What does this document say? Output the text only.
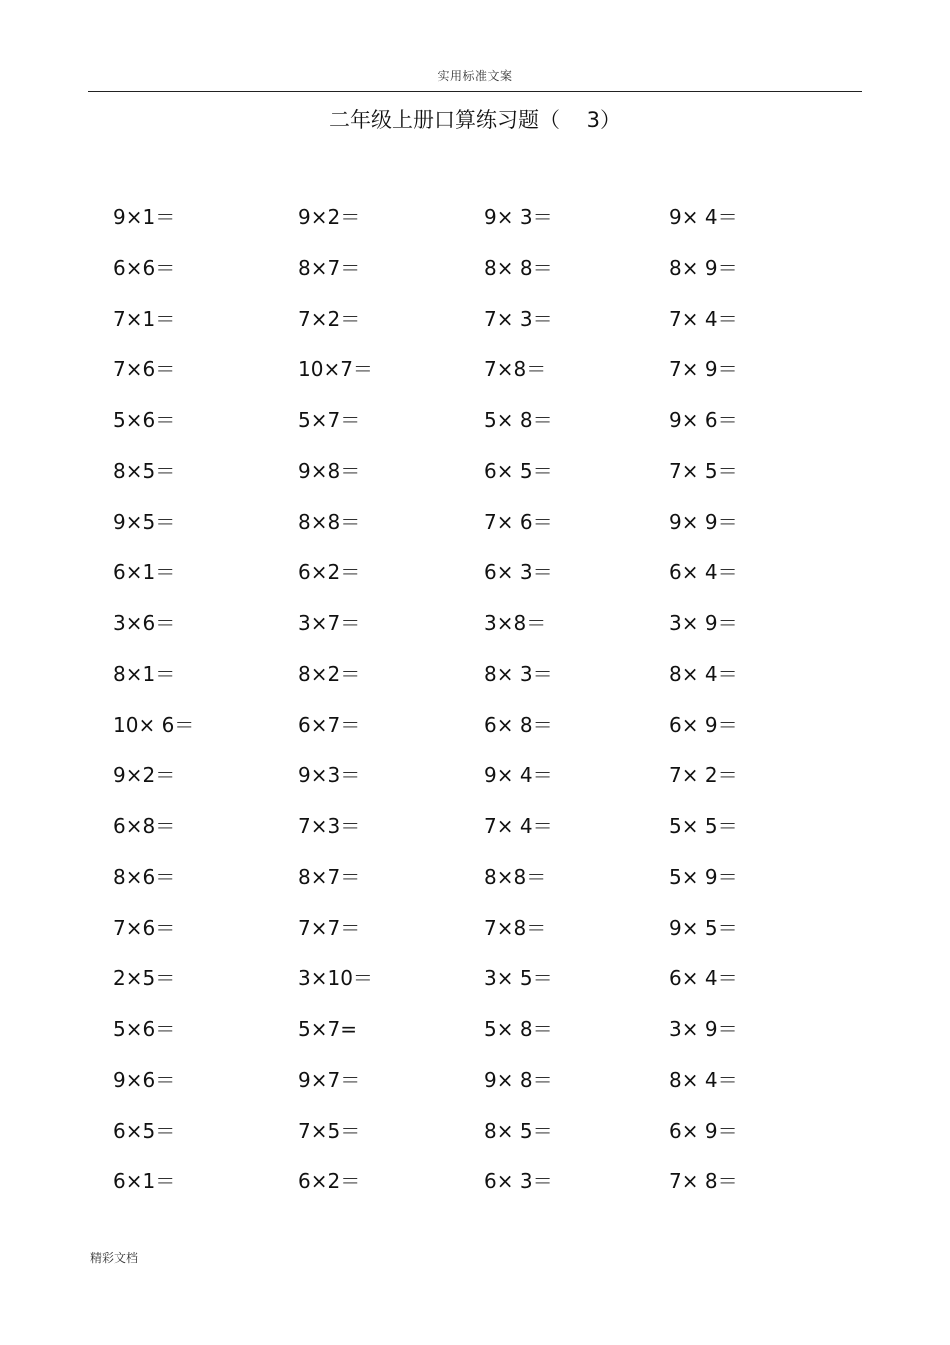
实用标准文案
二年级上册口算练习题（    3）
9×1＝	9×2＝	9× 3＝	9× 4＝
6×6＝	8×7＝	8× 8＝	8× 9＝
7×1＝	7×2＝	7× 3＝	7× 4＝
7×6＝	10×7＝	7×8＝	7× 9＝
5×6＝	5×7＝	5× 8＝	9× 6＝
8×5＝	9×8＝	6× 5＝	7× 5＝
9×5＝	8×8＝	7× 6＝	9× 9＝
6×1＝	6×2＝	6× 3＝	6× 4＝
3×6＝	3×7＝	3×8＝	3× 9＝
8×1＝	8×2＝	8× 3＝	8× 4＝
10× 6＝	6×7＝	6× 8＝	6× 9＝
9×2＝	9×3＝	9× 4＝	7× 2＝
6×8＝	7×3＝	7× 4＝	5× 5＝
8×6＝	8×7＝	8×8＝	5× 9＝
7×6＝	7×7＝	7×8＝	9× 5＝
2×5＝	3×10＝	3× 5＝	6× 4＝
5×6＝	5×7=	5× 8＝	3× 9＝
9×6＝	9×7＝	9× 8＝	8× 4＝
6×5＝	7×5＝	8× 5＝	6× 9＝
6×1＝	6×2＝	6× 3＝	7× 8＝
精彩文档
